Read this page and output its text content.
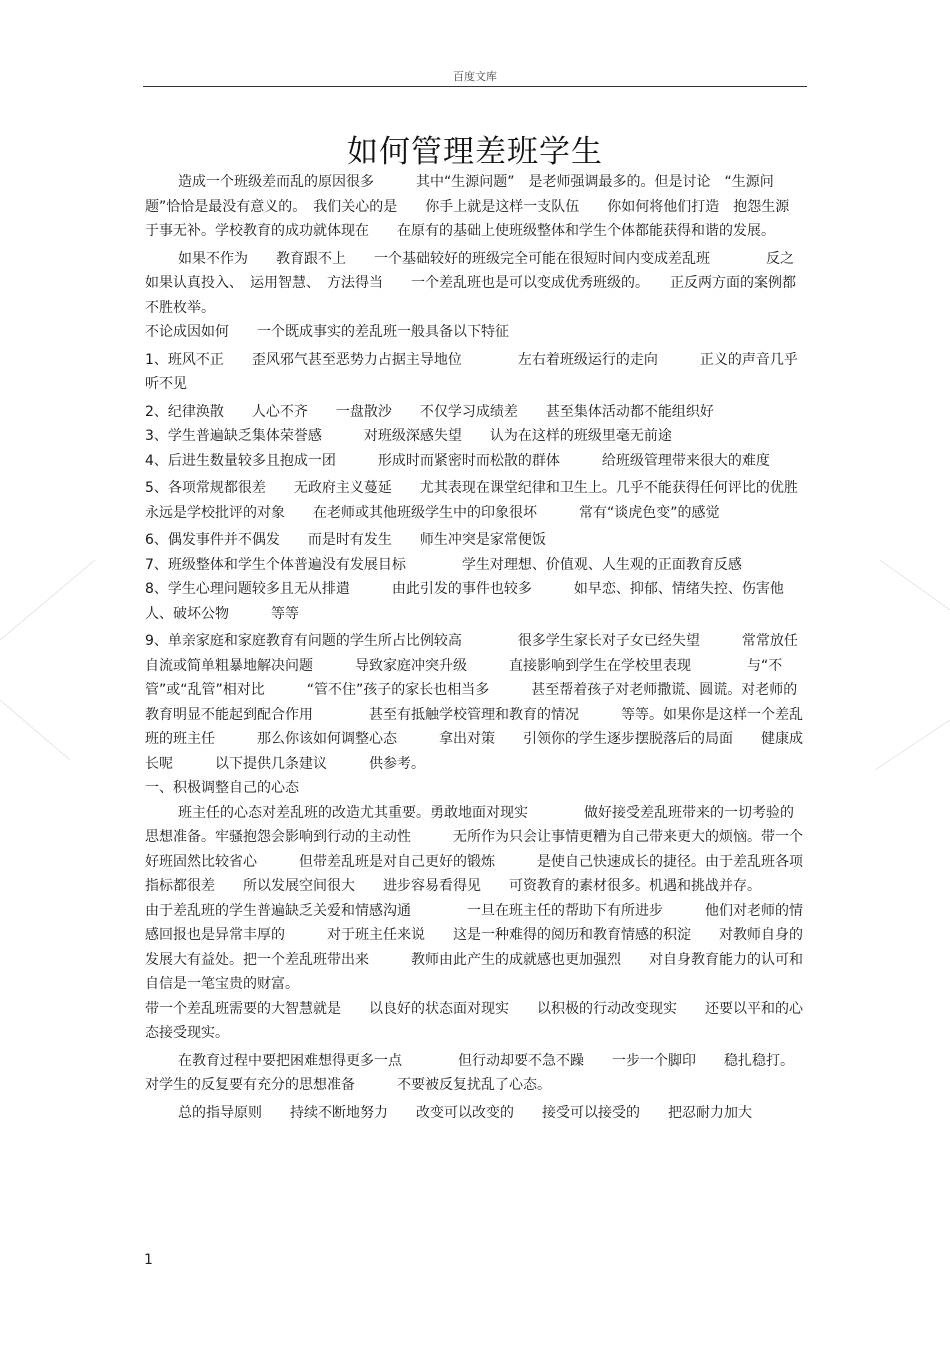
百度文库
如何管理差班学生

造成一个班级差而乱的原因很多　　　其中“生源问题”　是老师强调最多的。但是讨论　“生源问题”恰恰是最没有意义的。　我们关心的是　　你手上就是这样一支队伍　　你如何将他们打造　抱怨生源　　于事无补。学校教育的成功就体现在　　在原有的基础上使班级整体和学生个体都能获得和谐的发展。

如果不作为　　教育跟不上　　一个基础较好的班级完全可能在很短时间内变成差乱班　　　　反之　如果认真投入、　运用智慧、　方法得当　　一个差乱班也是可以变成优秀班级的。　　正反两方面的案例都不胜枚举。

不论成因如何　　一个既成事实的差乱班一般具备以下特征

1、班风不正　　歪风邪气甚至恶势力占据主导地位　　　　左右着班级运行的走向　　　正义的声音几乎听不见

2、纪律涣散　　人心不齐　　一盘散沙　　不仅学习成绩差　　甚至集体活动都不能组织好

3、学生普遍缺乏集体荣誉感　　　对班级深感失望　　认为在这样的班级里毫无前途

4、后进生数量较多且抱成一团　　　形成时而紧密时而松散的群体　　　给班级管理带来很大的难度

5、各项常规都很差　　无政府主义蔓延　　尤其表现在课堂纪律和卫生上。几乎不能获得任何评比的优胜　　永远是学校批评的对象　　在老师或其他班级学生中的印象很坏　　　常有“谈虎色变”的感觉

6、偶发事件并不偶发　　而是时有发生　　师生冲突是家常便饭

7、班级整体和学生个体普遍没有发展目标　　　　学生对理想、价值观、人生观的正面教育反感

8、学生心理问题较多且无从排遣　　　由此引发的事件也较多　　　如早恋、抑郁、情绪失控、伤害他人、破坏公物　　　等等

9、单亲家庭和家庭教育有问题的学生所占比例较高　　　　很多学生家长对子女已经失望　　　常常放任自流或简单粗暴地解决问题　　　导致家庭冲突升级　　　直接影响到学生在学校里表现　　　　与“不管”或“乱管”相对比　　　“管不住”孩子的家长也相当多　　　甚至帮着孩子对老师撒谎、圆谎。对老师的教育明显不能起到配合作用　　　　甚至有抵触学校管理和教育的情况　　　等等。如果你是这样一个差乱班的班主任　　　那么你该如何调整心态　　　拿出对策　　引领你的学生逐步摆脱落后的局面　　健康成长呢　　　以下提供几条建议　　　供参考。

一、积极调整自己的心态

班主任的心态对差乱班的改造尤其重要。勇敢地面对现实　　　　做好接受差乱班带来的一切考验的思想准备。牢骚抱怨会影响到行动的主动性　　　无所作为只会让事情更糟为自己带来更大的烦恼。带一个好班固然比较省心　　　但带差乱班是对自己更好的锻炼　　　是使自己快速成长的捷径。由于差乱班各项指标都很差　　所以发展空间很大　　进步容易看得见　　可资教育的素材很多。机遇和挑战并存。

由于差乱班的学生普遍缺乏关爱和情感沟通　　　　一旦在班主任的帮助下有所进步　　　他们对老师的情感回报也是异常丰厚的　　　对于班主任来说　　这是一种难得的阅历和教育情感的积淀　　对教师自身的发展大有益处。把一个差乱班带出来　　　教师由此产生的成就感也更加强烈　　对自身教育能力的认可和自信是一笔宝贵的财富。

带一个差乱班需要的大智慧就是　　以良好的状态面对现实　　以积极的行动改变现实　　还要以平和的心态接受现实。

在教育过程中要把困难想得更多一点　　　　但行动却要不急不躁　　一步一个脚印　　稳扎稳打。对学生的反复要有充分的思想准备　　　不要被反复扰乱了心态。

总的指导原则　　持续不断地努力　　改变可以改变的　　接受可以接受的　　把忍耐力加大

1
